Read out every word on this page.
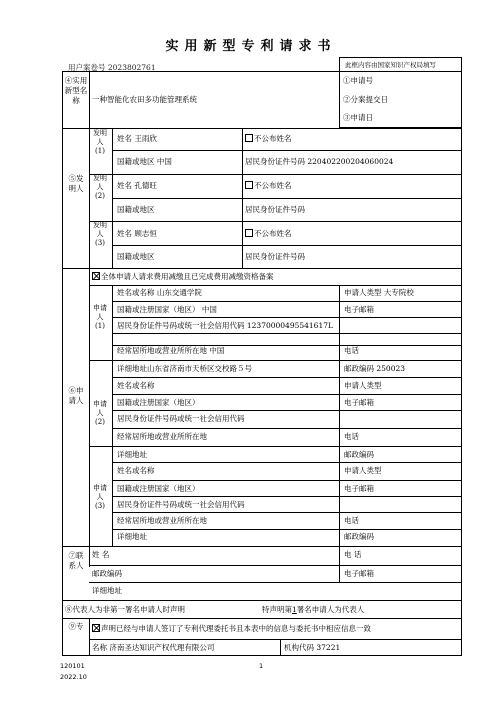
实用新型专利请求书
用户案卷号 2023802761	此框内容由国家知识产权局填写
①申请号
②分案提交日
③申请日
④实用新型名称	一种智能化农田多功能管理系统
⑤发明人
发明人(1)
姓名 王雨欣	不公布姓名
国籍或地区 中国	居民身份证件号码 220402200204060024
发明人(2)
姓名 孔德旺	不公布姓名
国籍或地区	居民身份证件号码
发明人(3)
姓名 顾志恒	不公布姓名
国籍或地区	居民身份证件号码
⑥申请人
全体申请人请求费用减缴且已完成费用减缴资格备案
申请人(1)
姓名或名称 山东交通学院	申请人类型 大专院校
国籍或注册国家（地区） 中国	电子邮箱
居民身份证件号码或统一社会信用代码 12370000495541617L
经常居所地或营业所所在地 中国	电话
详细地址山东省济南市天桥区交校路５号	邮政编码 250023
申请人(2)
姓名或名称	申请人类型
国籍或注册国家（地区）	电子邮箱
居民身份证件号码或统一社会信用代码
经常居所地或营业所所在地	电话
详细地址	邮政编码
申请人(3)
姓名或名称	申请人类型
国籍或注册国家（地区）	电子邮箱
居民身份证件号码或统一社会信用代码
经常居所地或营业所所在地	电话
详细地址	邮政编码
⑦联系人
姓 名	电 话
邮政编码	电子邮箱
详细地址
⑧代表人为非第一署名申请人时声明	特声明第1署名申请人为代表人
⑨专	声明已经与申请人签订了专利代理委托书且本表中的信息与委托书中相应信息一致
名称 济南圣达知识产权代理有限公司	机构代码 37221
120101	1
2022.10
